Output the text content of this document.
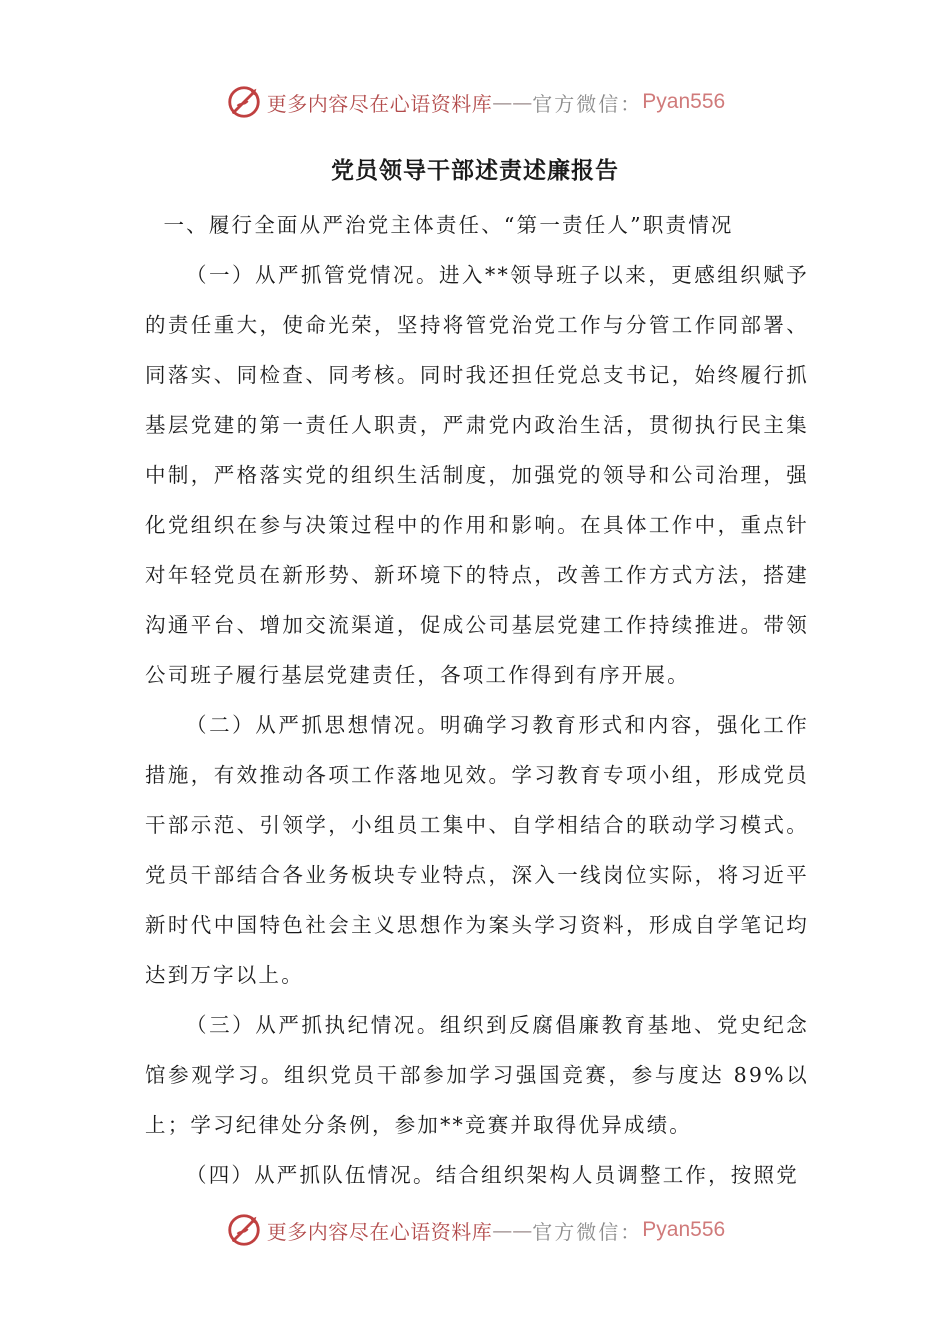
更多内容尽在心语资料库 —— 官方微信： Pyan556
党员领导干部述责述廉报告

一、履行全面从严治党主体责任、“第一责任人”职责情况

（一）从严抓管党情况。进入**领导班子以来，更感组织赋予的责任重大，使命光荣，坚持将管党治党工作与分管工作同部署、同落实、同检查、同考核。同时我还担任党总支书记，始终履行抓基层党建的第一责任人职责，严肃党内政治生活，贯彻执行民主集中制，严格落实党的组织生活制度，加强党的领导和公司治理，强化党组织在参与决策过程中的作用和影响。在具体工作中，重点针对年轻党员在新形势、新环境下的特点，改善工作方式方法，搭建沟通平台、增加交流渠道，促成公司基层党建工作持续推进。带领公司班子履行基层党建责任，各项工作得到有序开展。

（二）从严抓思想情况。明确学习教育形式和内容，强化工作措施，有效推动各项工作落地见效。学习教育专项小组，形成党员干部示范、引领学，小组员工集中、自学相结合的联动学习模式。党员干部结合各业务板块专业特点，深入一线岗位实际，将习近平新时代中国特色社会主义思想作为案头学习资料，形成自学笔记均达到万字以上。

（三）从严抓执纪情况。组织到反腐倡廉教育基地、党史纪念馆参观学习。组织党员干部参加学习强国竞赛，参与度达 89%以上；学习纪律处分条例，参加**竞赛并取得优异成绩。

（四）从严抓队伍情况。结合组织架构人员调整工作，按照党

更多内容尽在心语资料库 —— 官方微信： Pyan556
